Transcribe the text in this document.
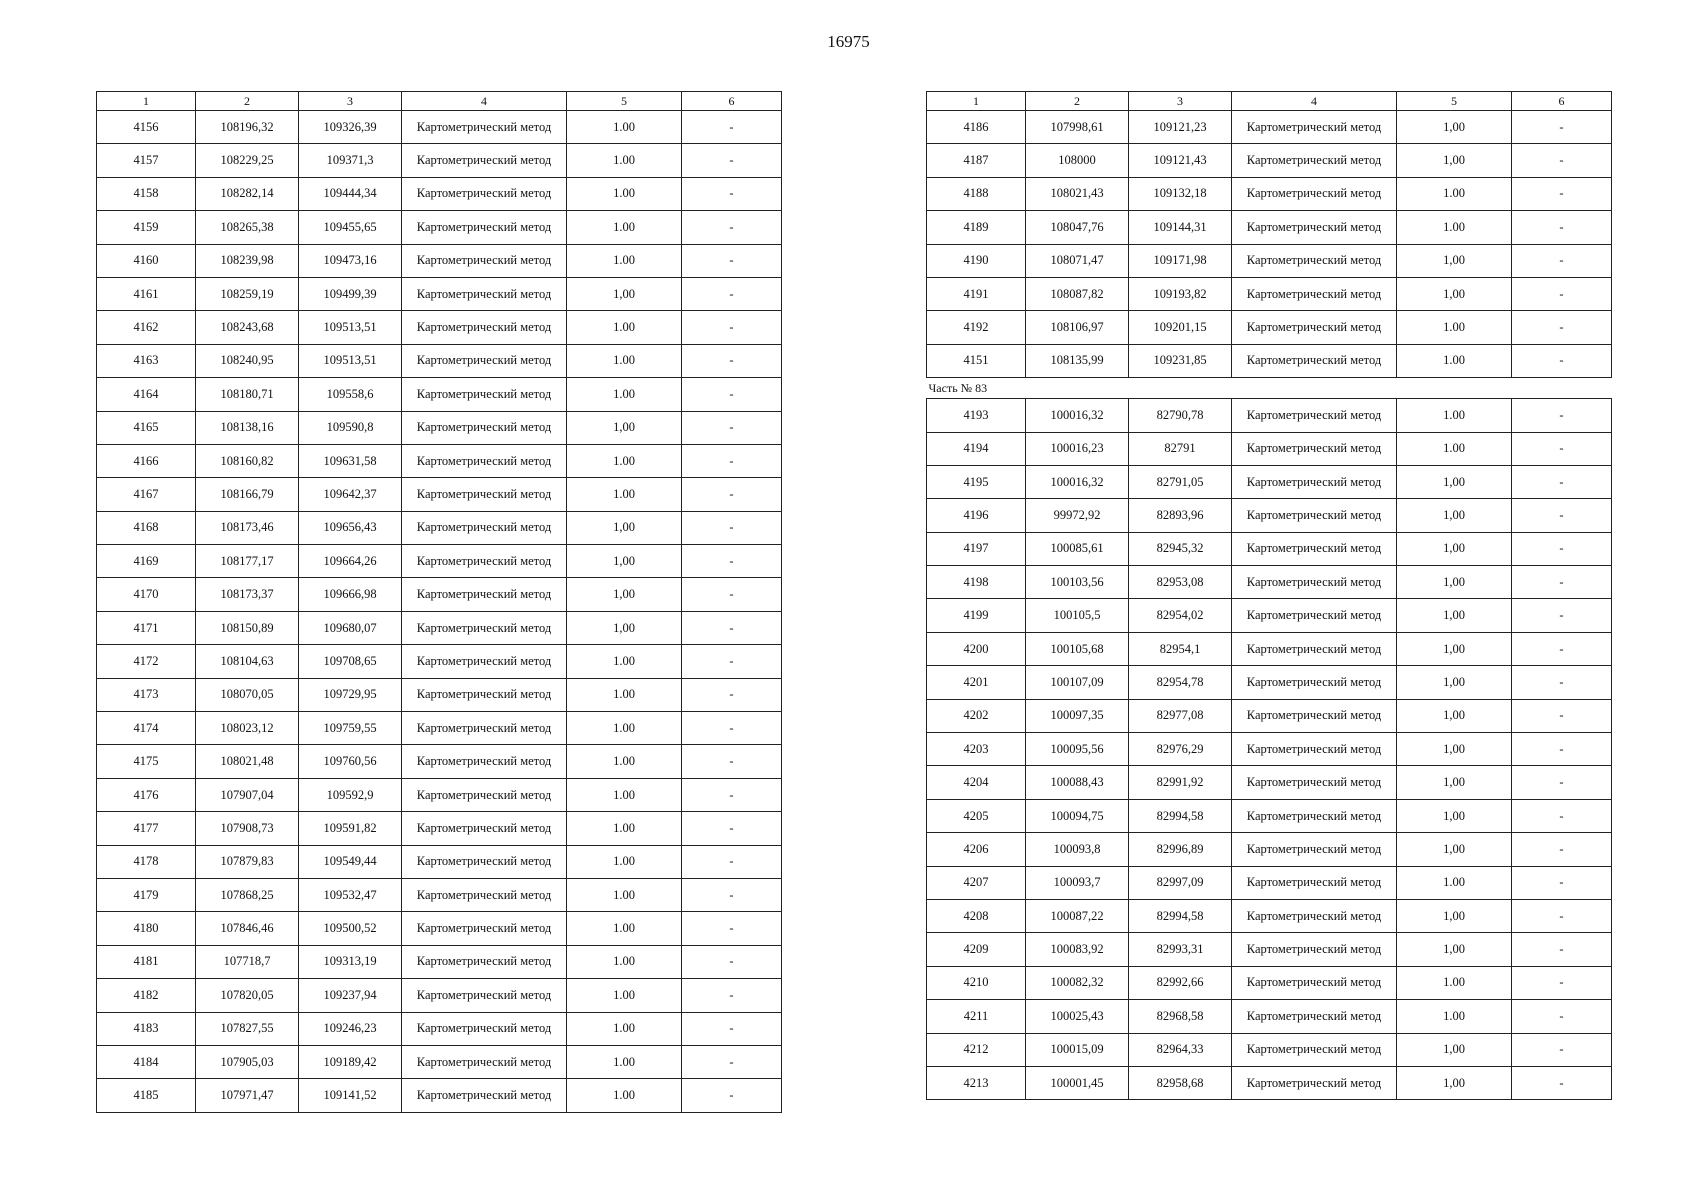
16975
1	2	3	4	5	6
4156	108196,32	109326,39	Картометрический метод	1.00	-
4157	108229,25	109371,3	Картометрический метод	1.00	-
4158	108282,14	109444,34	Картометрический метод	1.00	-
4159	108265,38	109455,65	Картометрический метод	1.00	-
4160	108239,98	109473,16	Картометрический метод	1.00	-
4161	108259,19	109499,39	Картометрический метод	1,00	-
4162	108243,68	109513,51	Картометрический метод	1.00	-
4163	108240,95	109513,51	Картометрический метод	1.00	-
4164	108180,71	109558,6	Картометрический метод	1.00	-
4165	108138,16	109590,8	Картометрический метод	1,00	-
4166	108160,82	109631,58	Картометрический метод	1.00	-
4167	108166,79	109642,37	Картометрический метод	1.00	-
4168	108173,46	109656,43	Картометрический метод	1,00	-
4169	108177,17	109664,26	Картометрический метод	1,00	-
4170	108173,37	109666,98	Картометрический метод	1,00	-
4171	108150,89	109680,07	Картометрический метод	1,00	-
4172	108104,63	109708,65	Картометрический метод	1.00	-
4173	108070,05	109729,95	Картометрический метод	1.00	-
4174	108023,12	109759,55	Картометрический метод	1.00	-
4175	108021,48	109760,56	Картометрический метод	1.00	-
4176	107907,04	109592,9	Картометрический метод	1.00	-
4177	107908,73	109591,82	Картометрический метод	1.00	-
4178	107879,83	109549,44	Картометрический метод	1.00	-
4179	107868,25	109532,47	Картометрический метод	1.00	-
4180	107846,46	109500,52	Картометрический метод	1.00	-
4181	107718,7	109313,19	Картометрический метод	1.00	-
4182	107820,05	109237,94	Картометрический метод	1.00	-
4183	107827,55	109246,23	Картометрический метод	1.00	-
4184	107905,03	109189,42	Картометрический метод	1.00	-
4185	107971,47	109141,52	Картометрический метод	1.00	-
1	2	3	4	5	6
4186	107998,61	109121,23	Картометрический метод	1,00	-
4187	108000	109121,43	Картометрический метод	1,00	-
4188	108021,43	109132,18	Картометрический метод	1.00	-
4189	108047,76	109144,31	Картометрический метод	1.00	-
4190	108071,47	109171,98	Картометрический метод	1,00	-
4191	108087,82	109193,82	Картометрический метод	1,00	-
4192	108106,97	109201,15	Картометрический метод	1.00	-
4151	108135,99	109231,85	Картометрический метод	1.00	-
Часть № 83					
4193	100016,32	82790,78	Картометрический метод	1.00	-
4194	100016,23	82791	Картометрический метод	1.00	-
4195	100016,32	82791,05	Картометрический метод	1,00	-
4196	99972,92	82893,96	Картометрический метод	1,00	-
4197	100085,61	82945,32	Картометрический метод	1,00	-
4198	100103,56	82953,08	Картометрический метод	1,00	-
4199	100105,5	82954,02	Картометрический метод	1,00	-
4200	100105,68	82954,1	Картометрический метод	1,00	-
4201	100107,09	82954,78	Картометрический метод	1,00	-
4202	100097,35	82977,08	Картометрический метод	1,00	-
4203	100095,56	82976,29	Картометрический метод	1,00	-
4204	100088,43	82991,92	Картометрический метод	1,00	-
4205	100094,75	82994,58	Картометрический метод	1,00	-
4206	100093,8	82996,89	Картометрический метод	1,00	-
4207	100093,7	82997,09	Картометрический метод	1.00	-
4208	100087,22	82994,58	Картометрический метод	1,00	-
4209	100083,92	82993,31	Картометрический метод	1,00	-
4210	100082,32	82992,66	Картометрический метод	1.00	-
4211	100025,43	82968,58	Картометрический метод	1.00	-
4212	100015,09	82964,33	Картометрический метод	1,00	-
4213	100001,45	82958,68	Картометрический метод	1,00	-
